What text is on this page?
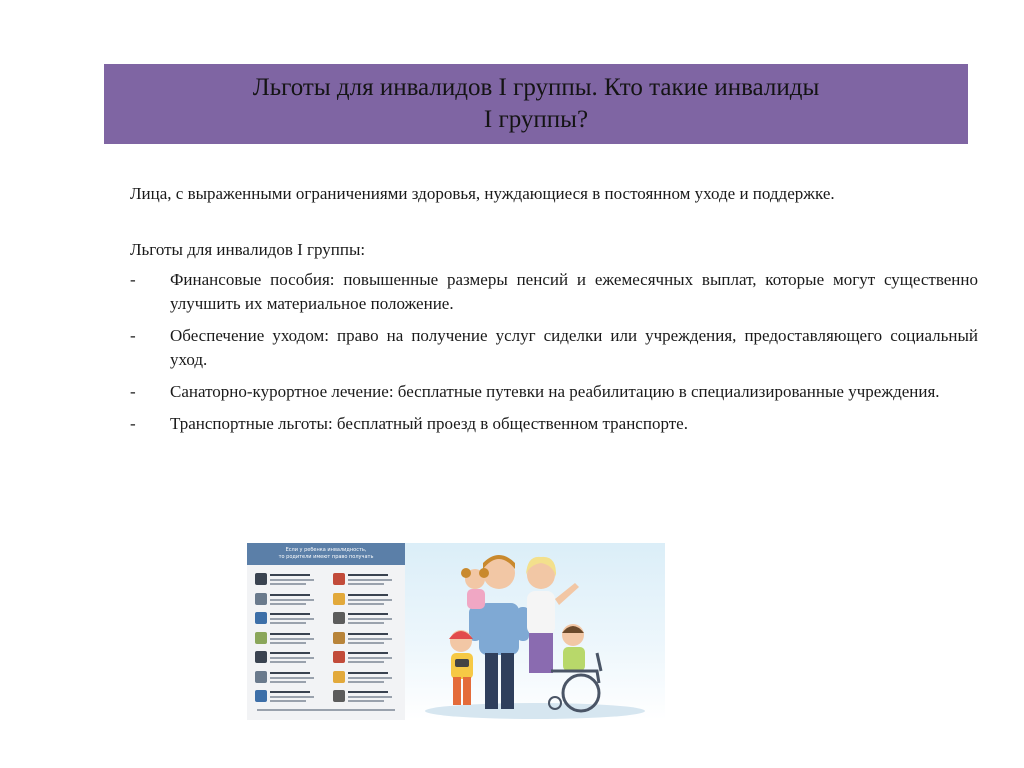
Льготы для инвалидов I группы. Кто такие инвалиды
I группы?

Лица, с выраженными ограничениями здоровья, нуждающиеся в постоянном уходе и поддержке.

Льготы для инвалидов I группы:

-	Финансовые пособия: повышенные размеры пенсий и ежемесячных выплат, которые могут существенно улучшить их материальное положение.
-	Обеспечение уходом: право на получение услуг сиделки или учреждения, предоставляющего социальный уход.
-	Санаторно-курортное лечение: бесплатные путевки на реабилитацию в специализированные учреждения.
-	Транспортные льготы: бесплатный проезд в общественном транспорте.
Если у ребенка инвалидность,
то родители имеют право получать
